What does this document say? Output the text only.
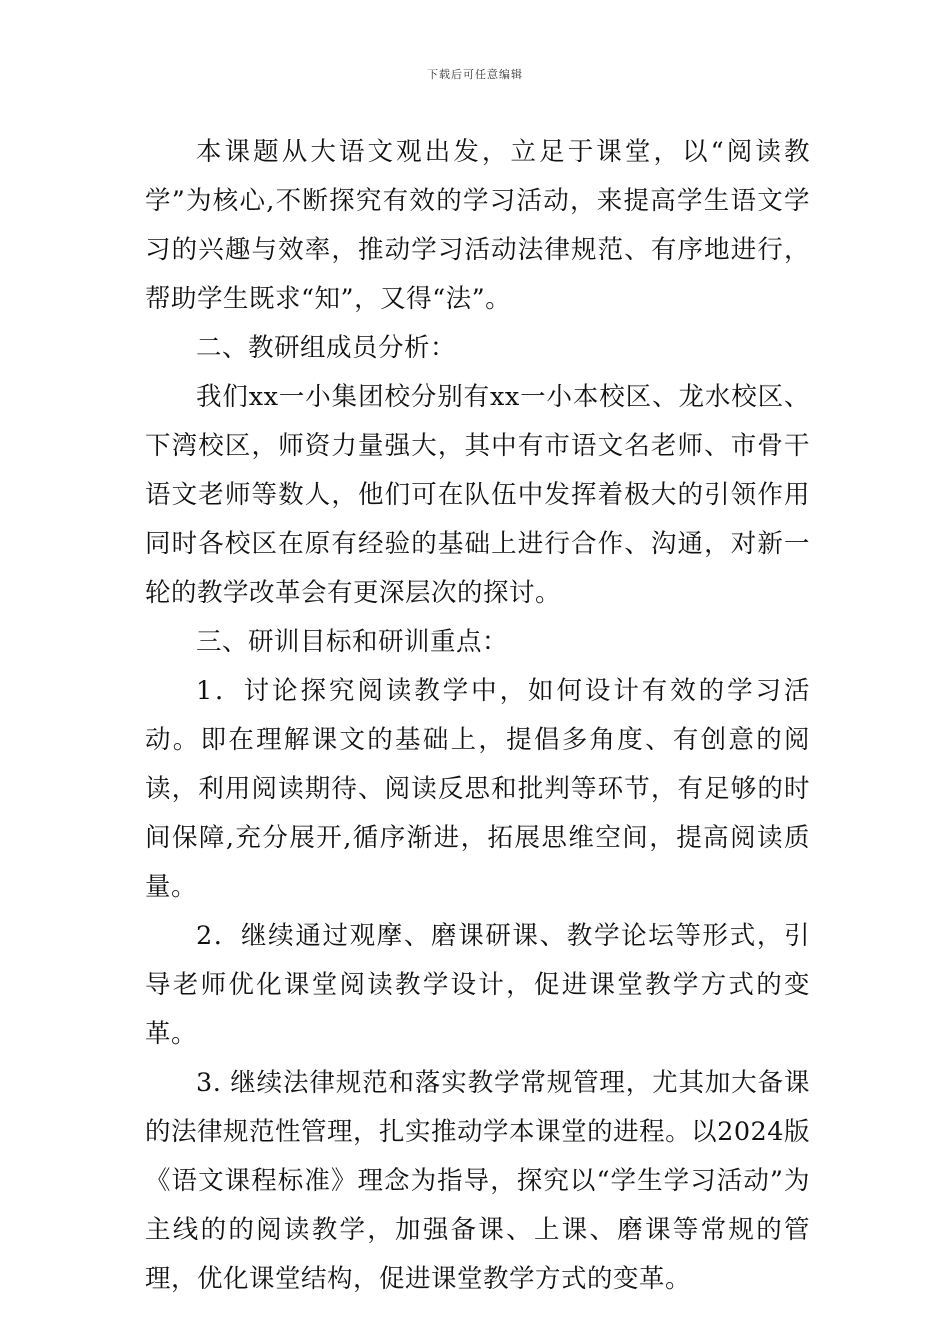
下载后可任意编辑

本课题从大语文观出发，立足于课堂，以“阅读教学”为核心,不断探究有效的学习活动，来提高学生语文学习的兴趣与效率，推动学习活动法律规范、有序地进行，帮助学生既求“知”，又得“法”。

二、教研组成员分析：

我们xx一小集团校分别有xx一小本校区、龙水校区、下湾校区，师资力量强大，其中有市语文名老师、市骨干语文老师等数人，他们可在队伍中发挥着极大的引领作用同时各校区在原有经验的基础上进行合作、沟通，对新一轮的教学改革会有更深层次的探讨。

三、研训目标和研训重点：

1．讨论探究阅读教学中，如何设计有效的学习活动。即在理解课文的基础上，提倡多角度、有创意的阅读，利用阅读期待、阅读反思和批判等环节，有足够的时间保障,充分展开,循序渐进，拓展思维空间，提高阅读质量。

2．继续通过观摩、磨课研课、教学论坛等形式，引导老师优化课堂阅读教学设计，促进课堂教学方式的变革。

3. 继续法律规范和落实教学常规管理，尤其加大备课的法律规范性管理，扎实推动学本课堂的进程。以2024版《语文课程标准》理念为指导，探究以“学生学习活动”为主线的的阅读教学，加强备课、上课、磨课等常规的管理，优化课堂结构，促进课堂教学方式的变革。
